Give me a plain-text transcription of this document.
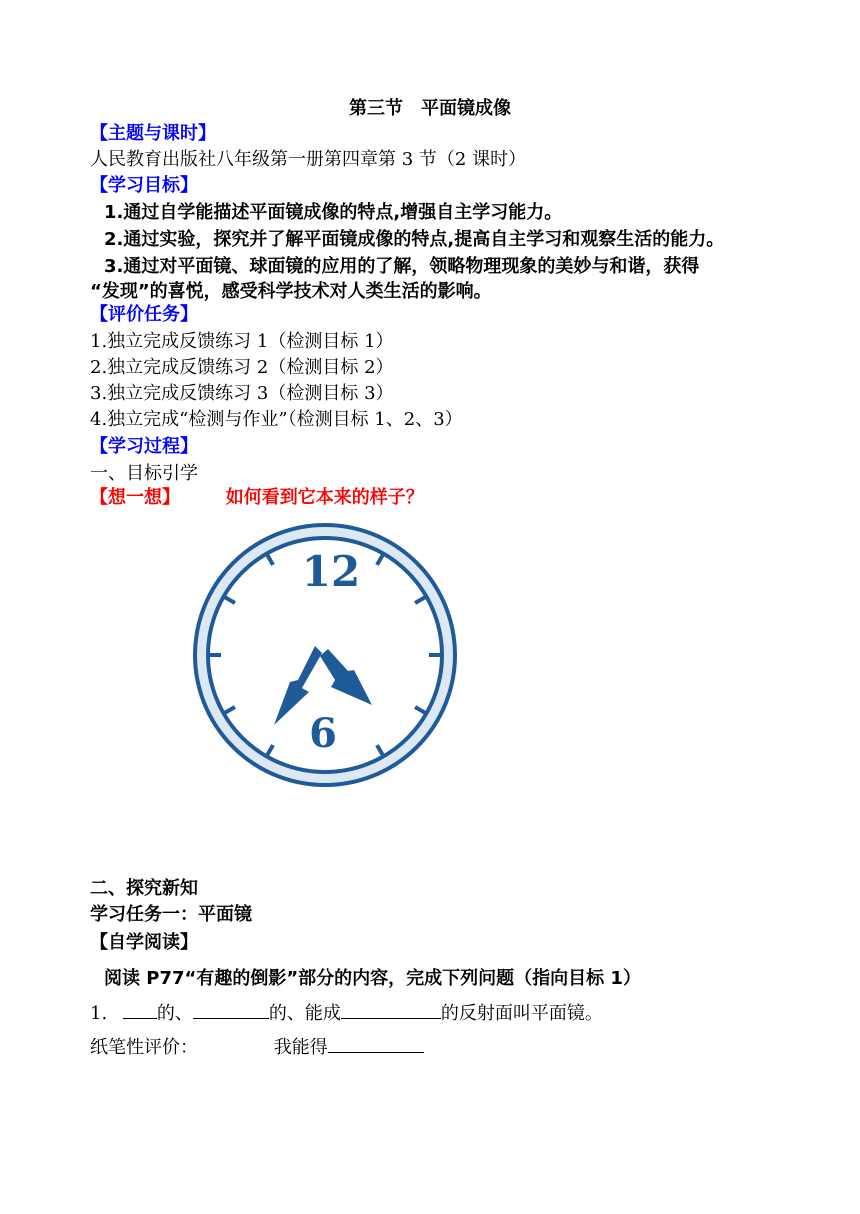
第三节　平面镜成像
【主题与课时】
人民教育出版社八年级第一册第四章第 3 节（2 课时）
【学习目标】
1.通过自学能描述平面镜成像的特点,增强自主学习能力。
2.通过实验，探究并了解平面镜成像的特点,提高自主学习和观察生活的能力。
3.通过对平面镜、球面镜的应用的了解，领略物理现象的美妙与和谐，获得
“发现”的喜悦，感受科学技术对人类生活的影响。
【评价任务】
1.独立完成反馈练习 1（检测目标 1）
2.独立完成反馈练习 2（检测目标 2）
3.独立完成反馈练习 3（检测目标 3）
4.独立完成“检测与作业”（检测目标 1、2、3）
【学习过程】
一、目标引学
【想一想】	如何看到它本来的样子？
12
6
二、探究新知
学习任务一：平面镜
【自学阅读】
阅读 P77“有趣的倒影”部分的内容，完成下列问题（指向目标 1）
1.	的、	的、能成	的反射面叫平面镜。
纸笔性评价：	我能得
